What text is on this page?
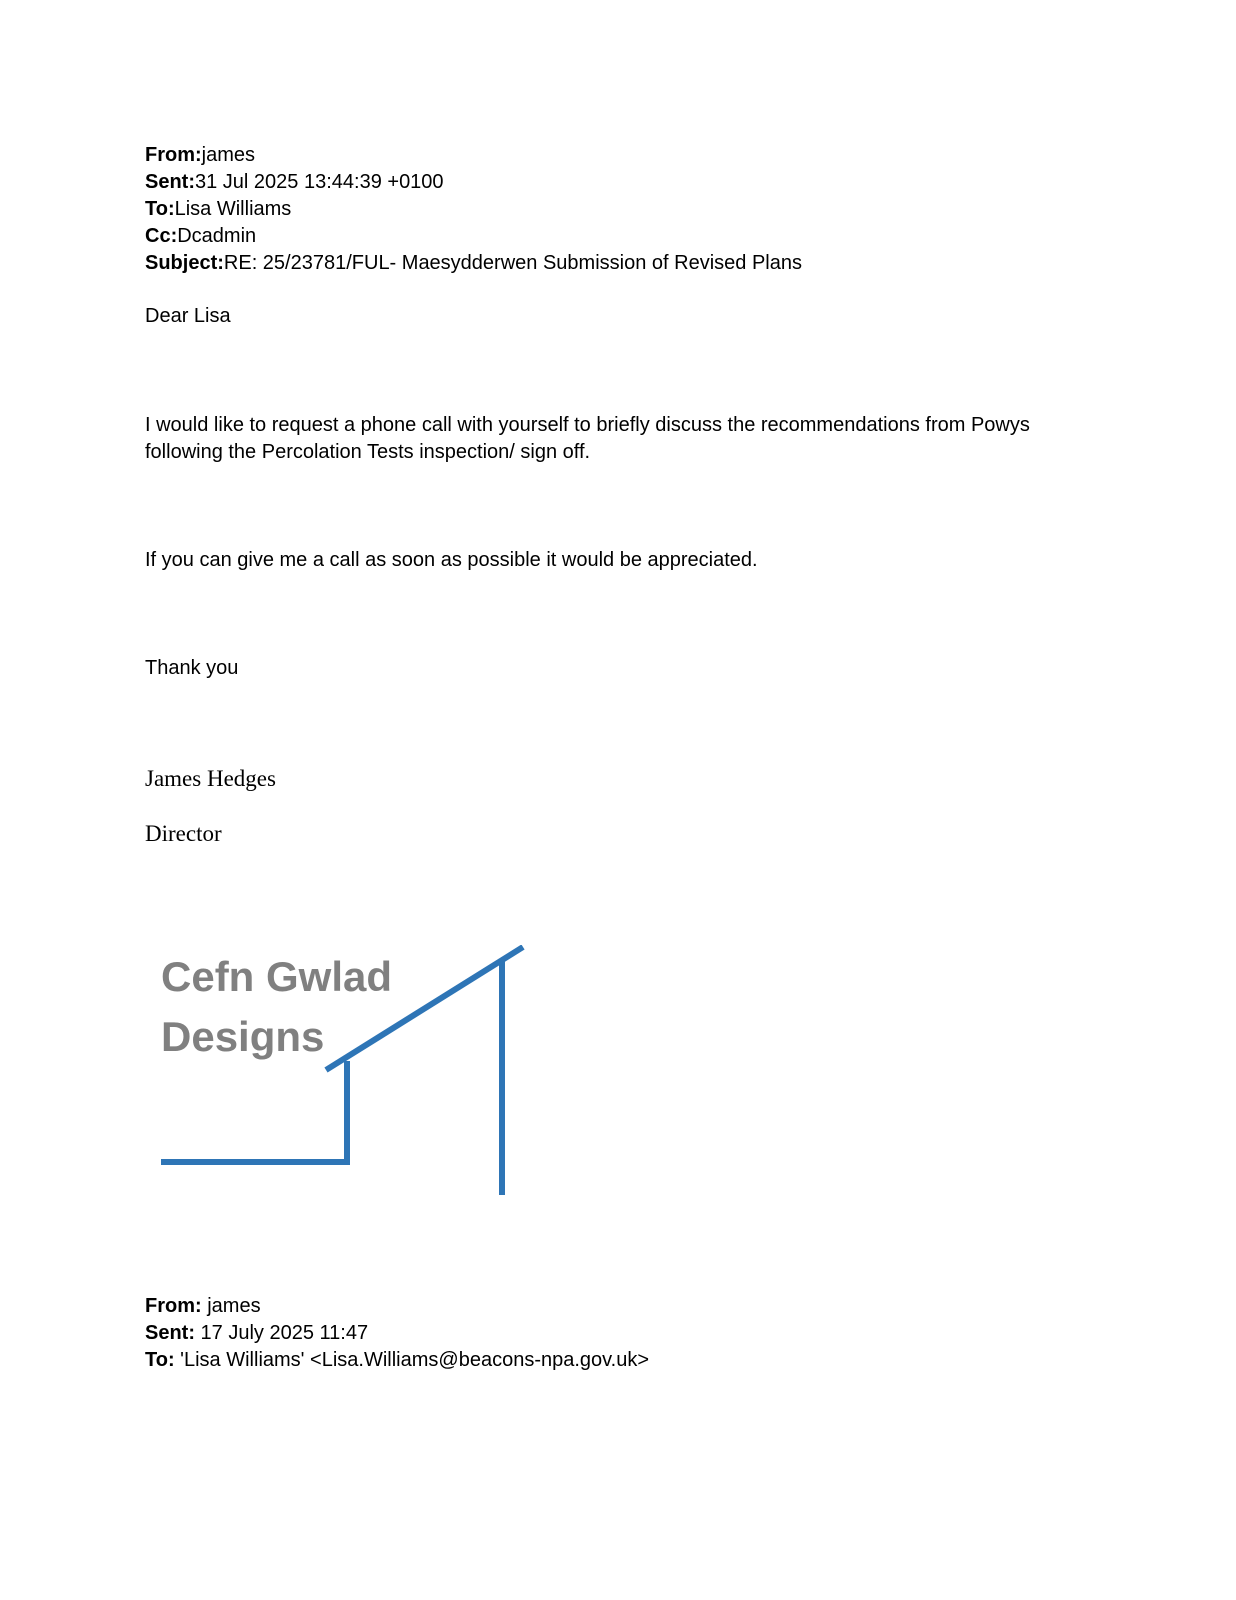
From:james
Sent:31 Jul 2025 13:44:39 +0100
To:Lisa Williams
Cc:Dcadmin
Subject:RE: 25/23781/FUL- Maesydderwen Submission of Revised Plans
Dear Lisa
I would like to request a phone call with yourself to briefly discuss the recommendations from Powys following the Percolation Tests inspection/ sign off.
If you can give me a call as soon as possible it would be appreciated.
Thank you
James Hedges
Director
Cefn Gwlad
Designs
From: james
Sent: 17 July 2025 11:47
To: 'Lisa Williams' <Lisa.Williams@beacons-npa.gov.uk>
